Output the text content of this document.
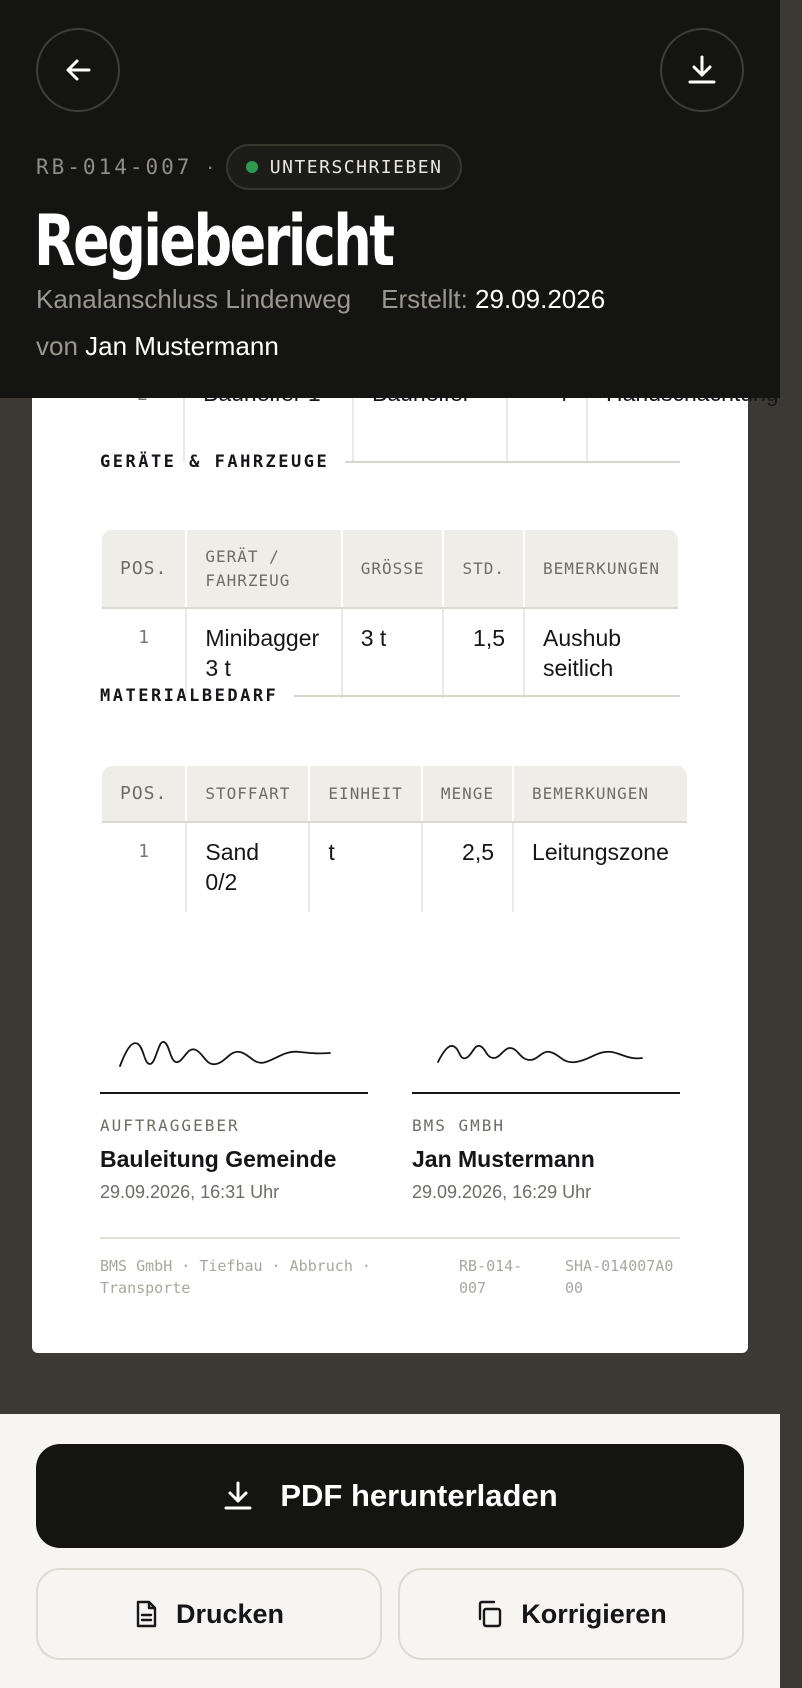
RB-014-007 ·	UNTERSCHRIEBEN
Regiebericht
Kanalanschluss Lindenweg Erstellt: 29.09.2026
von Jan Mustermann

GERÄTE & FAHRZEUGE
POS.	GERÄT / FAHRZEUG	GRÖSSE	STD.	BEMERKUNGEN
1	Minibagger 3 t	3 t	1,5	Aushub seitlich
MATERIALBEDARF
POS.	STOFFART	EINHEIT	MENGE	BEMERKUNGEN
1	Sand 0/2	t	2,5	Leitungszone
AUFTRAGGEBER
Bauleitung Gemeinde
29.09.2026, 16:31 Uhr
BMS GMBH
Jan Mustermann
29.09.2026, 16:29 Uhr
BMS GmbH · Tiefbau · Abbruch · Transporte
RB-014-007
SHA-014007A000
PDF herunterladen
Drucken	Korrigieren
